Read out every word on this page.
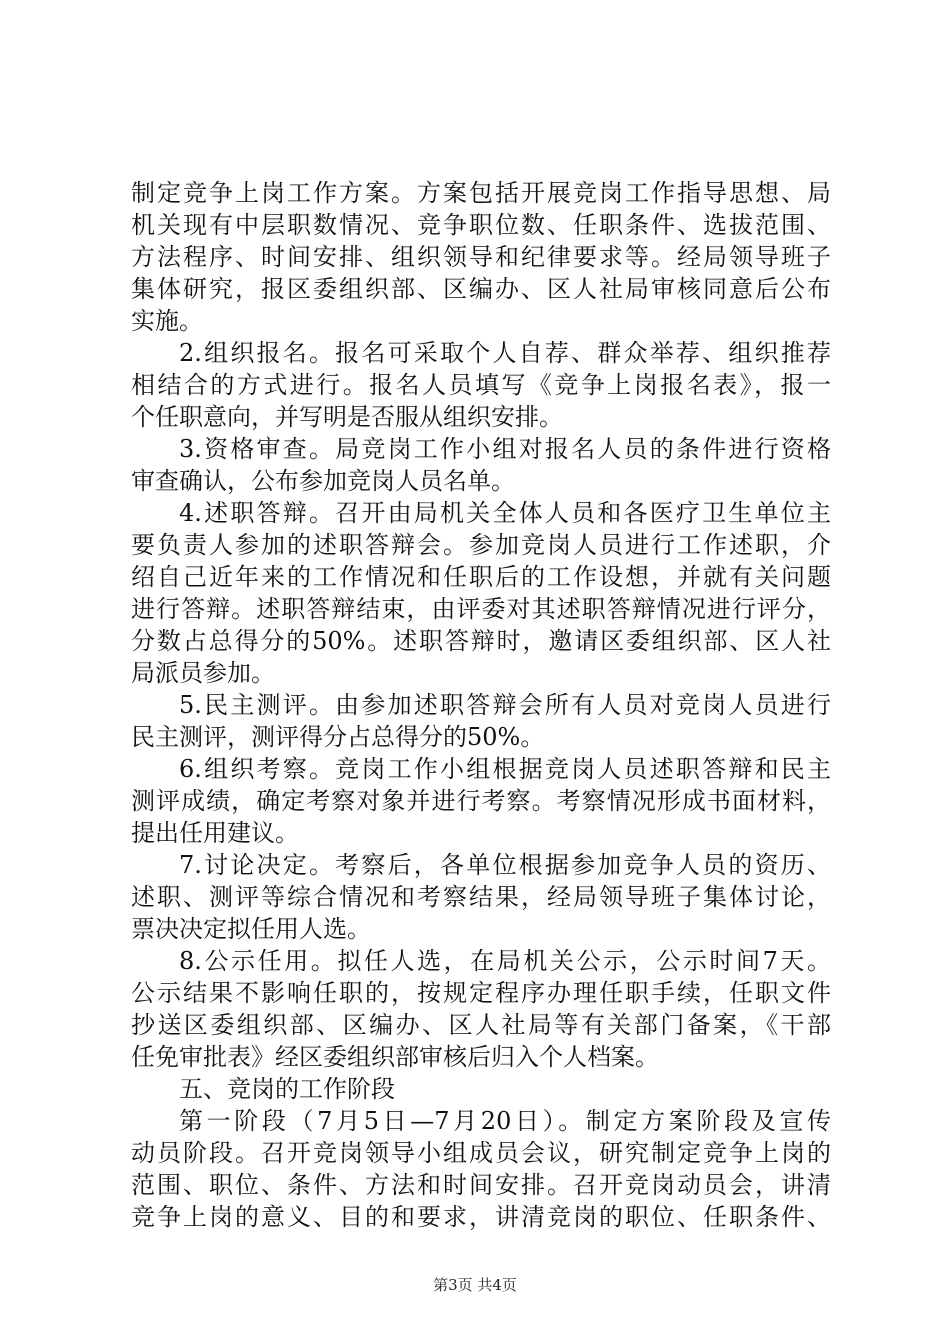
制定竞争上岗工作方案。方案包括开展竞岗工作指导思想、局
机关现有中层职数情况、竞争职位数、任职条件、选拔范围、
方法程序、时间安排、组织领导和纪律要求等。经局领导班子
集体研究，报区委组织部、区编办、区人社局审核同意后公布
实施。
2.组织报名。报名可采取个人自荐、群众举荐、组织推荐
相结合的方式进行。报名人员填写《竞争上岗报名表》，报一
个任职意向，并写明是否服从组织安排。
3.资格审查。局竞岗工作小组对报名人员的条件进行资格
审查确认，公布参加竞岗人员名单。
4.述职答辩。召开由局机关全体人员和各医疗卫生单位主
要负责人参加的述职答辩会。参加竞岗人员进行工作述职，介
绍自己近年来的工作情况和任职后的工作设想，并就有关问题
进行答辩。述职答辩结束，由评委对其述职答辩情况进行评分，
分数占总得分的50%。述职答辩时，邀请区委组织部、区人社
局派员参加。
5.民主测评。由参加述职答辩会所有人员对竞岗人员进行
民主测评，测评得分占总得分的50%。
6.组织考察。竞岗工作小组根据竞岗人员述职答辩和民主
测评成绩，确定考察对象并进行考察。考察情况形成书面材料，
提出任用建议。
7.讨论决定。考察后，各单位根据参加竞争人员的资历、
述职、测评等综合情况和考察结果，经局领导班子集体讨论，
票决决定拟任用人选。
8.公示任用。拟任人选，在局机关公示，公示时间7天。
公示结果不影响任职的，按规定程序办理任职手续，任职文件
抄送区委组织部、区编办、区人社局等有关部门备案，《干部
任免审批表》经区委组织部审核后归入个人档案。
五、竞岗的工作阶段
第一阶段（7月5日—7月20日）。制定方案阶段及宣传
动员阶段。召开竞岗领导小组成员会议，研究制定竞争上岗的
范围、职位、条件、方法和时间安排。召开竞岗动员会，讲清
竞争上岗的意义、目的和要求，讲清竞岗的职位、任职条件、
第3页 共4页
